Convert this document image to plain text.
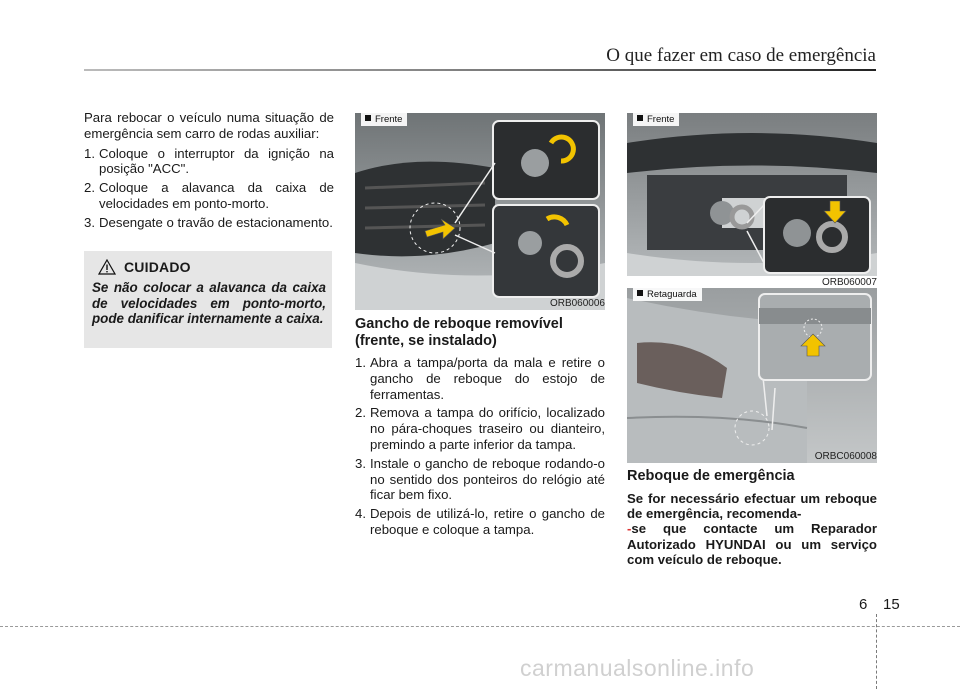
O que fazer em caso de emergência

Para rebocar o veículo numa situação de emergência sem carro de rodas auxiliar:

1. Coloque o interruptor da ignição na posição "ACC".
2. Coloque a alavanca da caixa de velocidades em ponto-morto.
3. Desengate o travão de estacionamento.
CUIDADO
Se não colocar a alavanca da caixa de velocidades em ponto-morto, pode danificar internamente a caixa.
Frente
ORB060006
Frente
ORB060007
Retaguarda
ORBC060008
Gancho de reboque removível (frente, se instalado)
1. Abra a tampa/porta da mala e retire o gancho de reboque do estojo de ferramentas.
2. Remova a tampa do orifício, localizado no pára-choques traseiro ou dianteiro, premindo a parte inferior da tampa.
3. Instale o gancho de reboque rodando-o no sentido dos ponteiros do relógio até ficar bem fixo.
4. Depois de utilizá-lo, retire o gancho de reboque e coloque a tampa.
Reboque de emergência

Se for necessário efectuar um reboque de emergência, recomenda-
-se que contacte um Reparador Autorizado HYUNDAI ou um serviço com veículo de reboque.

6 15
carmanualsonline.info
